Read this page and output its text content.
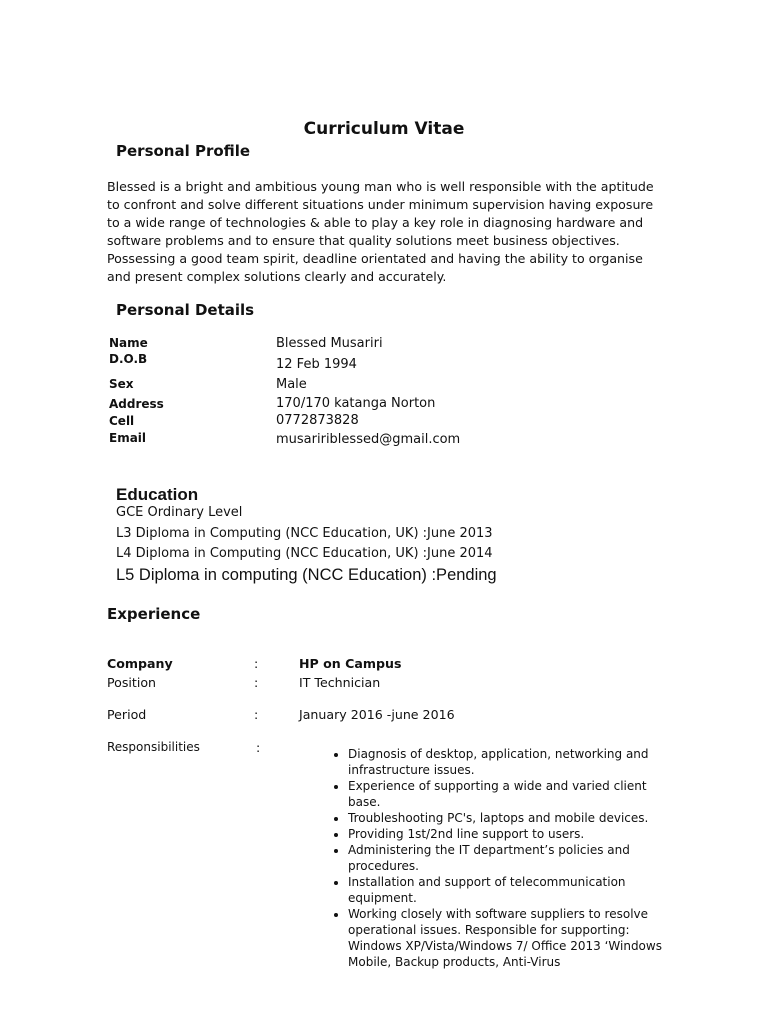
Curriculum Vitae
Personal Profile
Blessed is a bright and ambitious young man who is well responsible with the aptitude to confront and solve different situations under minimum supervision having exposure to a wide range of technologies & able to play a key role in diagnosing hardware and software problems and to ensure that quality solutions meet business objectives. Possessing a good team spirit, deadline orientated and having the ability to organise and present complex solutions clearly and accurately.
Personal Details
Name	Blessed Musariri
D.O.B	12 Feb 1994
Sex	Male
Address	170/170 katanga Norton
Cell	0772873828
Email	musaririblessed@gmail.com
Education
GCE Ordinary Level
L3 Diploma in Computing (NCC Education, UK) :June 2013
L4 Diploma in Computing (NCC Education, UK) :June 2014
L5 Diploma in computing (NCC Education) :Pending
Experience
Company	:	HP on Campus
Position	:	IT Technician
Period	:	January 2016 -june 2016
Responsibilities	:
•	Diagnosis of desktop, application, networking and infrastructure issues.
• Experience of supporting a wide and varied client base.
• Troubleshooting PC's, laptops and mobile devices.
• Providing 1st/2nd line support to users.
• Administering the IT department’s policies and procedures.
• Installation and support of telecommunication equipment.
• Working closely with software suppliers to resolve operational issues. Responsible for supporting: Windows XP/Vista/Windows 7/ Office 2013 ‘Windows Mobile, Backup products, Anti-Virus
